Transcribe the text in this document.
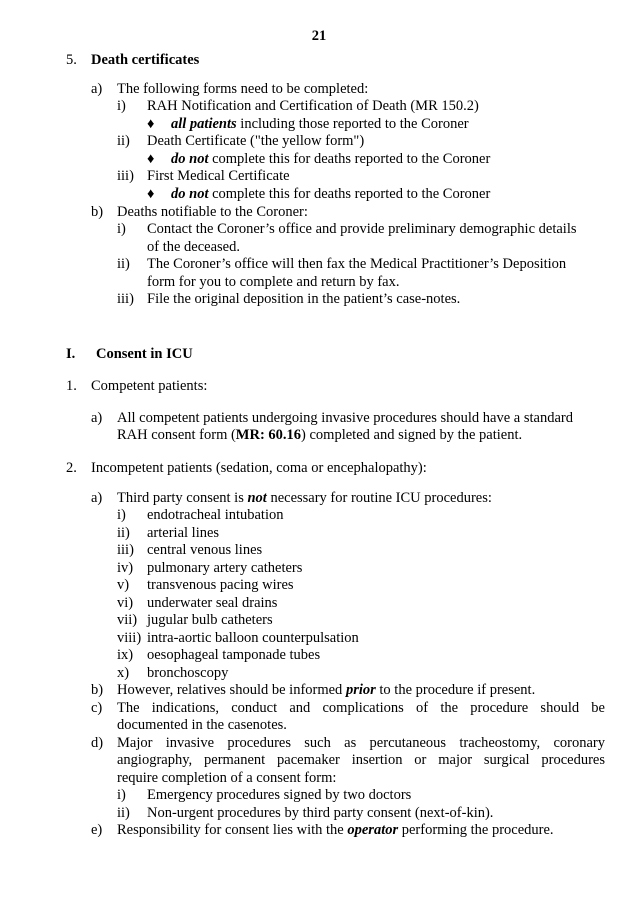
21
5. Death certificates
a) The following forms need to be completed:
i) RAH Notification and Certification of Death (MR 150.2)
♦ all patients including those reported to the Coroner
ii) Death Certificate ("the yellow form")
♦ do not complete this for deaths reported to the Coroner
iii) First Medical Certificate
♦ do not complete this for deaths reported to the Coroner
b) Deaths notifiable to the Coroner:
i) Contact the Coroner’s office and provide preliminary demographic details
of the deceased.
ii) The Coroner’s office will then fax the Medical Practitioner’s Deposition
form for you to complete and return by fax.
iii) File the original deposition in the patient’s case-notes.
I. Consent in ICU
1. Competent patients:
a) All competent patients undergoing invasive procedures should have a standard
RAH consent form (MR: 60.16) completed and signed by the patient.
2. Incompetent patients (sedation, coma or encephalopathy):
a) Third party consent is not necessary for routine ICU procedures:
i) endotracheal intubation
ii) arterial lines
iii) central venous lines
iv) pulmonary artery catheters
v) transvenous pacing wires
vi) underwater seal drains
vii) jugular bulb catheters
viii) intra-aortic balloon counterpulsation
ix) oesophageal tamponade tubes
x) bronchoscopy
b) However, relatives should be informed prior to the procedure if present.
c) The indications, conduct and complications of the procedure should be
documented in the casenotes.
d) Major invasive procedures such as percutaneous tracheostomy, coronary
angiography, permanent pacemaker insertion or major surgical procedures
require completion of a consent form:
i) Emergency procedures signed by two doctors
ii) Non-urgent procedures by third party consent (next-of-kin).
e) Responsibility for consent lies with the operator performing the procedure.
